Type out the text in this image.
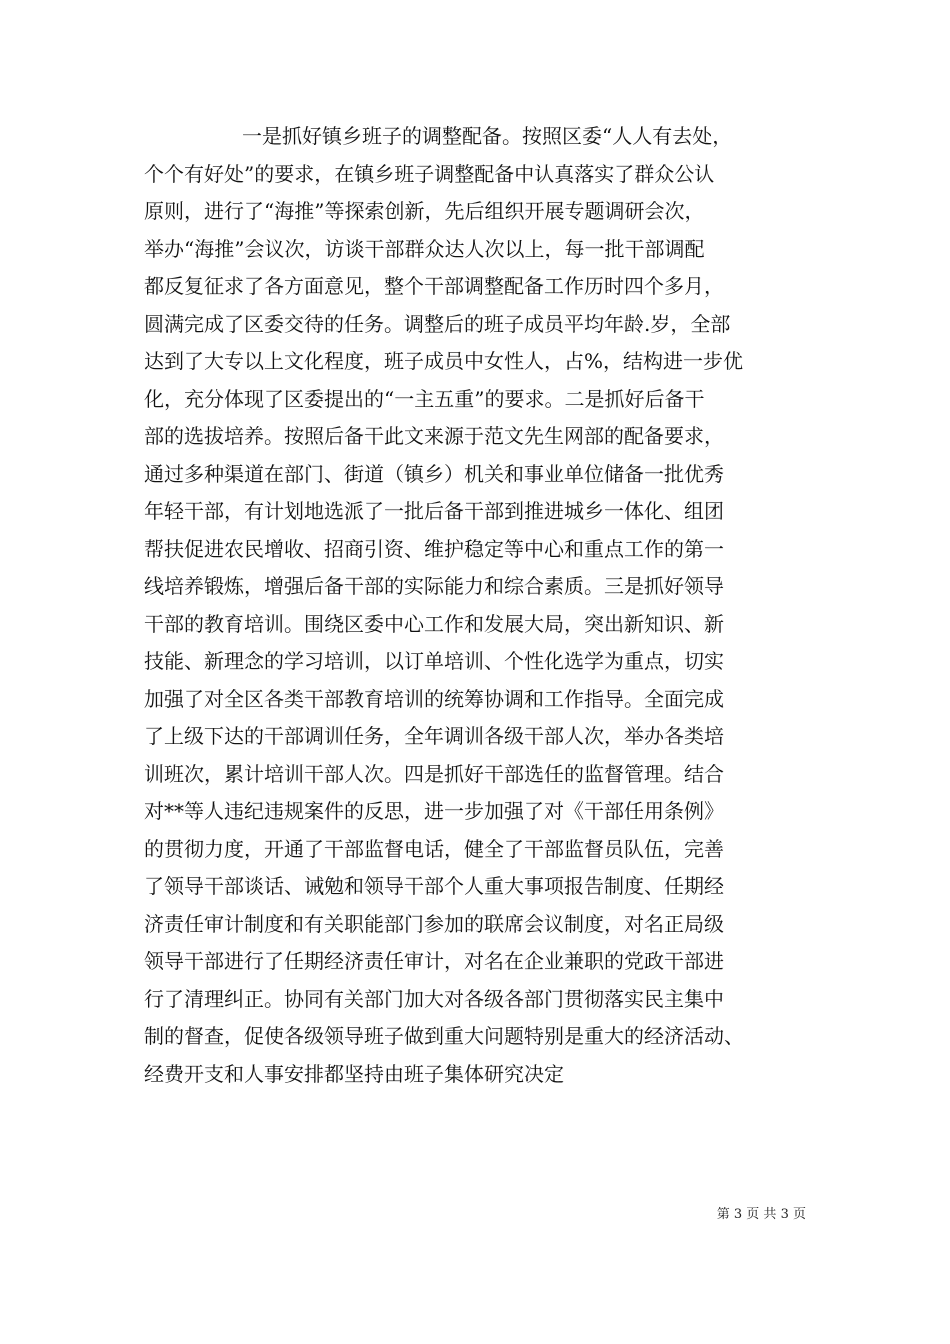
一是抓好镇乡班子的调整配备。按照区委“人人有去处，
个个有好处”的要求，在镇乡班子调整配备中认真落实了群众公认
原则，进行了“海推”等探索创新，先后组织开展专题调研会次，
举办“海推”会议次，访谈干部群众达人次以上，每一批干部调配
都反复征求了各方面意见，整个干部调整配备工作历时四个多月，
圆满完成了区委交待的任务。调整后的班子成员平均年龄.岁，全部
达到了大专以上文化程度，班子成员中女性人，占%，结构进一步优
化，充分体现了区委提出的“一主五重”的要求。二是抓好后备干
部的选拔培养。按照后备干此文来源于范文先生网部的配备要求，
通过多种渠道在部门、街道（镇乡）机关和事业单位储备一批优秀
年轻干部，有计划地选派了一批后备干部到推进城乡一体化、组团
帮扶促进农民增收、招商引资、维护稳定等中心和重点工作的第一
线培养锻炼，增强后备干部的实际能力和综合素质。三是抓好领导
干部的教育培训。围绕区委中心工作和发展大局，突出新知识、新
技能、新理念的学习培训，以订单培训、个性化选学为重点，切实
加强了对全区各类干部教育培训的统筹协调和工作指导。全面完成
了上级下达的干部调训任务，全年调训各级干部人次，举办各类培
训班次，累计培训干部人次。四是抓好干部选任的监督管理。结合
对**等人违纪违规案件的反思，进一步加强了对《干部任用条例》
的贯彻力度，开通了干部监督电话，健全了干部监督员队伍，完善
了领导干部谈话、诫勉和领导干部个人重大事项报告制度、任期经
济责任审计制度和有关职能部门参加的联席会议制度，对名正局级
领导干部进行了任期经济责任审计，对名在企业兼职的党政干部进
行了清理纠正。协同有关部门加大对各级各部门贯彻落实民主集中
制的督查，促使各级领导班子做到重大问题特别是重大的经济活动、
经费开支和人事安排都坚持由班子集体研究决定
第 3 页 共 3 页
